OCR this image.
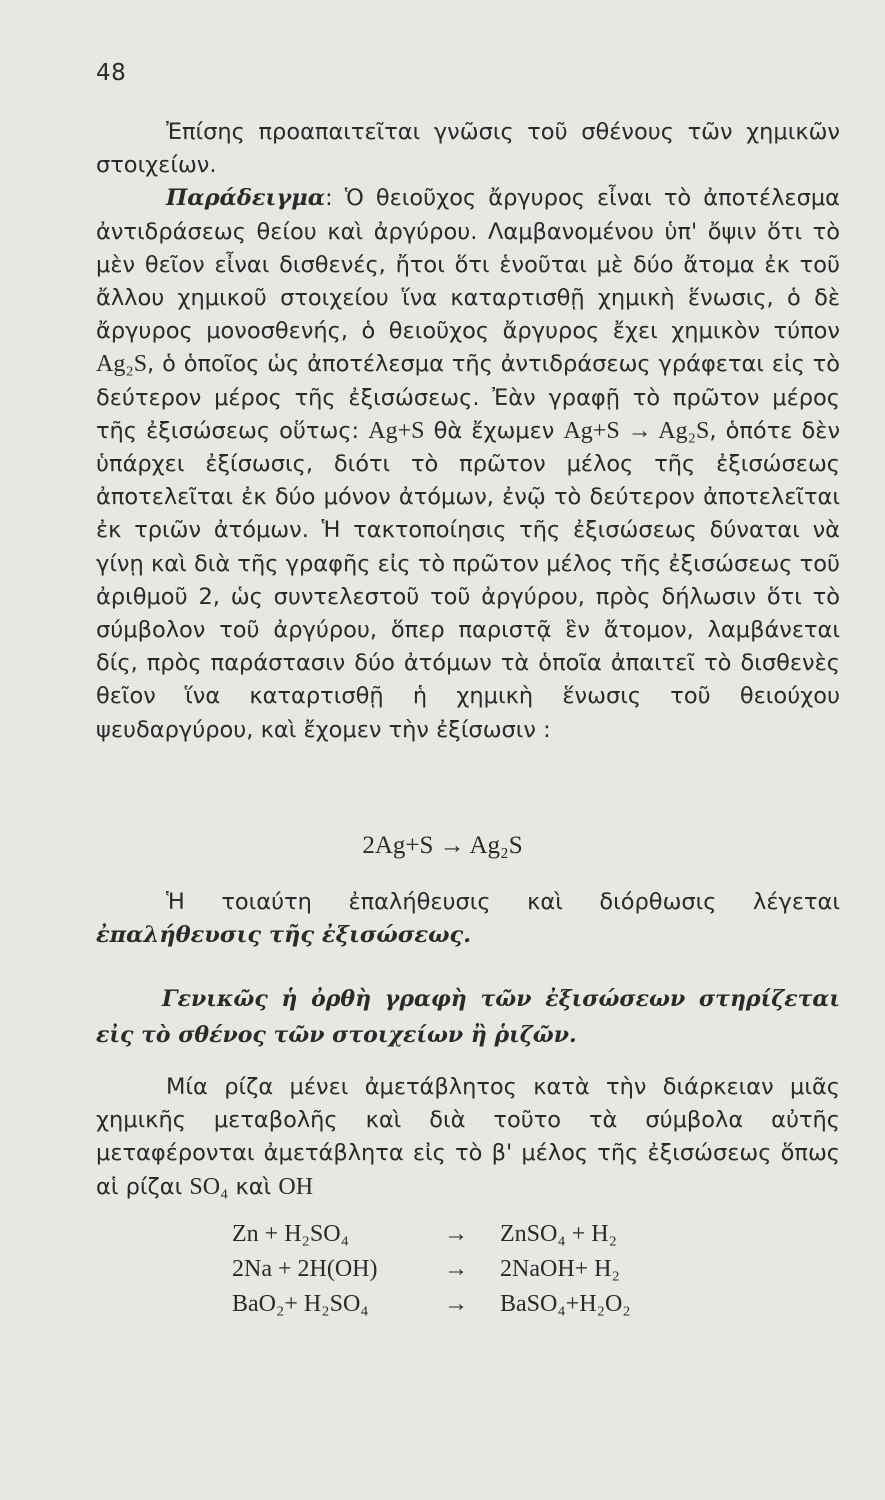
48

Ἐπίσης προαπαιτεῖται γνῶσις τοῦ σθένους τῶν χημικῶν στοιχείων.

Παράδειγμα: Ὁ θειοῦχος ἄργυρος εἶναι τὸ ἀποτέλεσμα ἀντιδράσεως θείου καὶ ἀργύρου. Λαμβανομένου ὑπ' ὄψιν ὅτι τὸ μὲν θεῖον εἶναι δισθενές, ἤτοι ὅτι ἑνοῦται μὲ δύο ἄτομα ἐκ τοῦ ἄλλου χημικοῦ στοιχείου ἵνα καταρτισθῇ χημικὴ ἕνωσις, ὁ δὲ ἄργυρος μονοσθενής, ὁ θειοῦχος ἄργυρος ἔχει χημικὸν τύπον Ag₂S, ὁ ὁποῖος ὡς ἀποτέλεσμα τῆς ἀντιδράσεως γράφεται εἰς τὸ δεύτερον μέρος τῆς ἐξισώσεως. Ἐὰν γραφῇ τὸ πρῶτον μέρος τῆς ἐξισώσεως οὕτως: Ag+S θὰ ἔχωμεν Ag+S → Ag₂S, ὁπότε δὲν ὑπάρχει ἐξίσωσις, διότι τὸ πρῶτον μέλος τῆς ἐξισώσεως ἀποτελεῖται ἐκ δύο μόνον ἀτόμων, ἐνῷ τὸ δεύτερον ἀποτελεῖται ἐκ τριῶν ἀτόμων. Ἡ τακτοποίησις τῆς ἐξισώσεως δύναται νὰ γίνῃ καὶ διὰ τῆς γραφῆς εἰς τὸ πρῶτον μέλος τῆς ἐξισώσεως τοῦ ἀριθμοῦ 2, ὡς συντελεστοῦ τοῦ ἀργύρου, πρὸς δήλωσιν ὅτι τὸ σύμβολον τοῦ ἀργύρου, ὅπερ παριστᾷ ἓν ἄτομον, λαμβάνεται δίς, πρὸς παράστασιν δύο ἀτόμων τὰ ὁποῖα ἀπαιτεῖ τὸ δισθενὲς θεῖον ἵνα καταρτισθῇ ἡ χημικὴ ἕνωσις τοῦ θειούχου ψευδαργύρου, καὶ ἔχομεν τὴν ἐξίσωσιν :

2Ag+S → Ag₂S

Ἡ τοιαύτη ἐπαλήθευσις καὶ διόρθωσις λέγεται ἐπαλήθευσις τῆς ἐξισώσεως.

Γενικῶς ἡ ὀρθὴ γραφὴ τῶν ἐξισώσεων στηρίζεται εἰς τὸ σθένος τῶν στοιχείων ἢ ῥιζῶν.

Μία ρίζα μένει ἀμετάβλητος κατὰ τὴν διάρκειαν μιᾶς χημικῆς μεταβολῆς καὶ διὰ τοῦτο τὰ σύμβολα αὐτῆς μεταφέρονται ἀμετάβλητα εἰς τὸ β' μέλος τῆς ἐξισώσεως ὅπως αἱ ρίζαι SO₄ καὶ OH

Zn + H₂SO₄	→	ZnSO₄ + H₂
2Na + 2H(OH)	→	2NaOH+ H₂
BaO₂+ H₂SO₄	→	BaSO₄+H₂O₂
